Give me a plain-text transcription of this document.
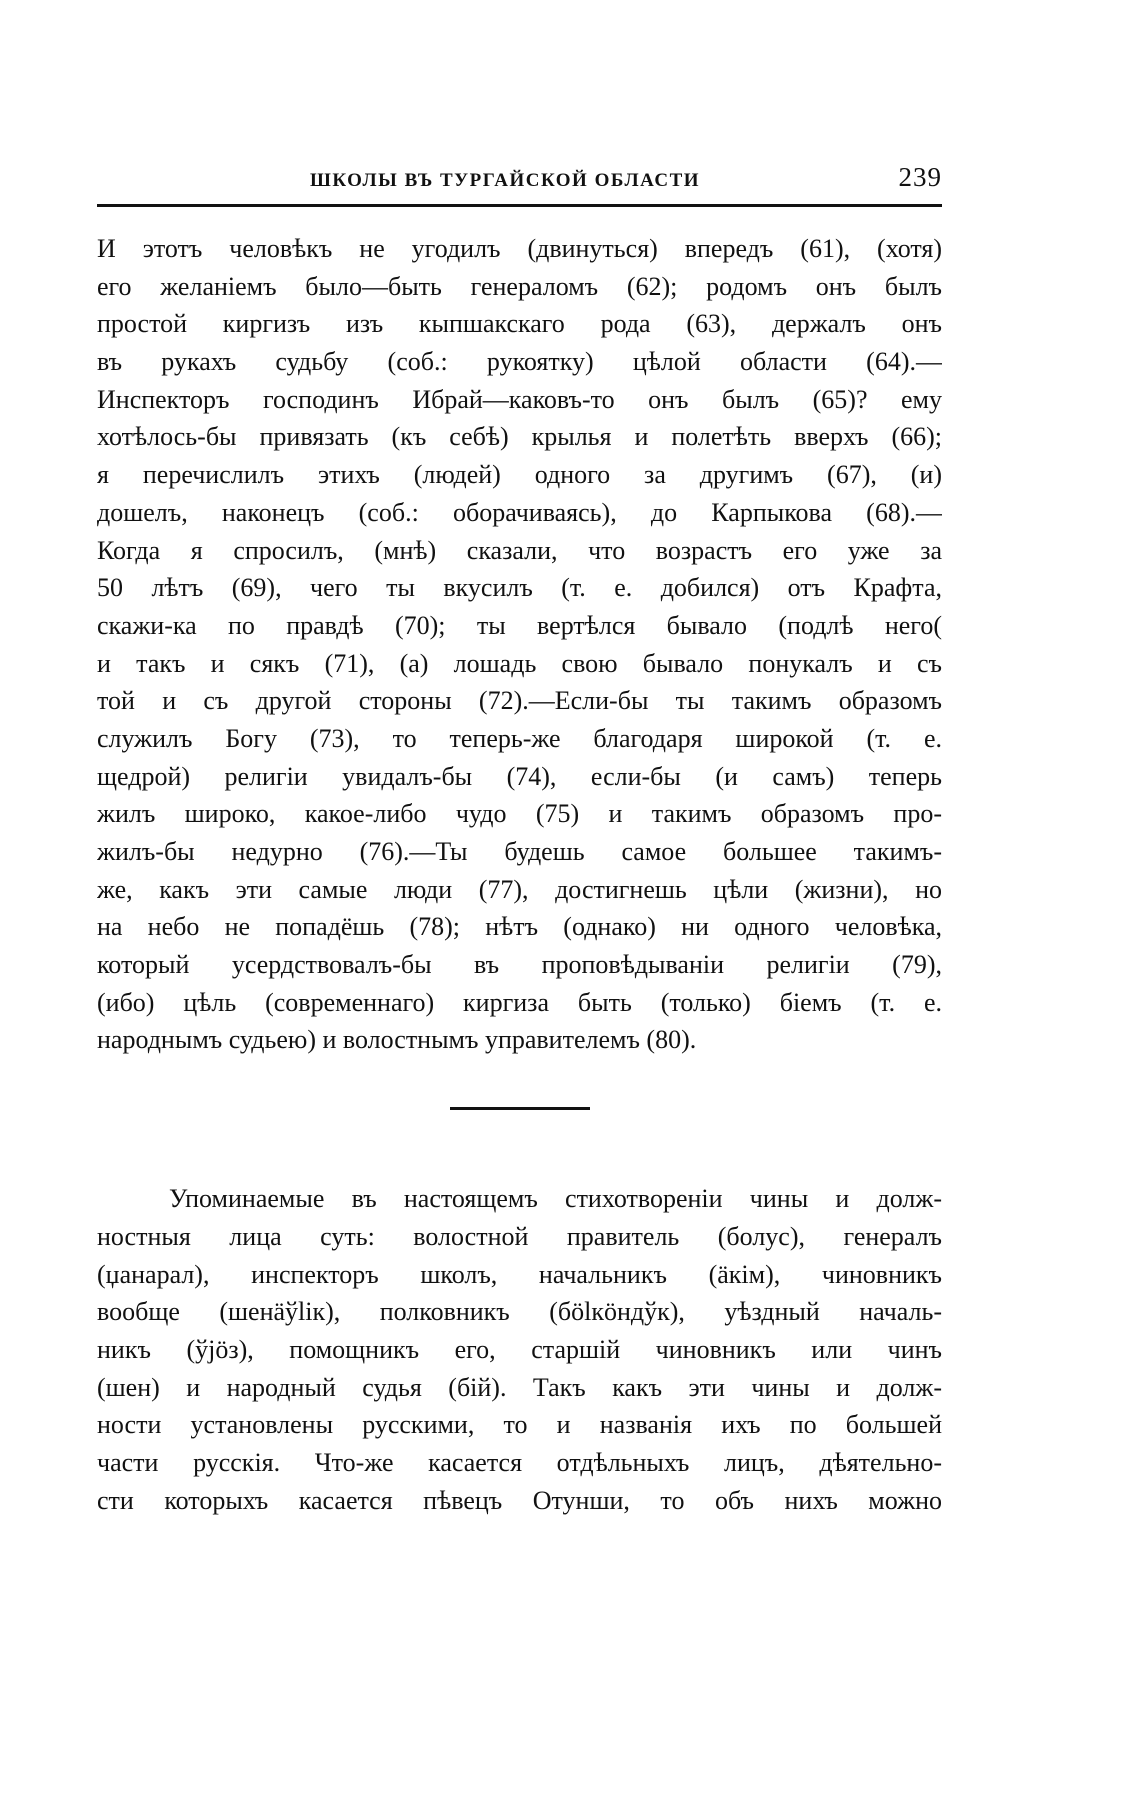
ШКОЛЫ ВЪ ТУРГАЙСКОЙ ОБЛАСТИ	239
И этотъ человѣкъ не угодилъ (двинуться) впередъ (61), (хотя)
его желаніемъ было—быть генераломъ (62); родомъ онъ былъ
простой киргизъ изъ кыпшакскаго рода (63), держалъ онъ
въ рукахъ судьбу (соб.: рукоятку) цѣлой области (64).—
Инспекторъ господинъ Ибрай—каковъ-то онъ былъ (65)? ему
хотѣлось-бы привязать (къ себѣ) крылья и полетѣть вверхъ (66);
я перечислилъ этихъ (людей) одного за другимъ (67), (и)
дошелъ, наконецъ (соб.: оборачиваясь), до Карпыкова (68).—
Когда я спросилъ, (мнѣ) сказали, что возрастъ его уже за
50 лѣтъ (69), чего ты вкусилъ (т. е. добился) отъ Крафта,
скажи-ка по правдѣ (70); ты вертѣлся бывало (подлѣ него(
и такъ и сякъ (71), (а) лошадь свою бывало понукалъ и съ
той и съ другой стороны (72).—Если-бы ты такимъ образомъ
служилъ Богу (73), то теперь-же благодаря широкой (т. е.
щедрой) религіи увидалъ-бы (74), если-бы (и самъ) теперь
жилъ широко, какое-либо чудо (75) и такимъ образомъ про-
жилъ-бы недурно (76).—Ты будешь самое большее такимъ-
же, какъ эти самые люди (77), достигнешь цѣли (жизни), но
на небо не попадёшь (78); нѣтъ (однако) ни одного человѣка,
который усердствовалъ-бы въ проповѣдываніи религіи (79),
(ибо) цѣль (современнаго) киргиза быть (только) біемъ (т. е.
народнымъ судьею) и волостнымъ управителемъ (80).
Упоминаемые въ настоящемъ стихотвореніи чины и долж-
ностныя лица суть: волостной правитель (болус), генералъ
(џанарал), инспекторъ школъ, начальникъ (äкім), чиновникъ
вообще (шенäўlік), полковникъ (бölкöндўк), уѣздный началь-
никъ (ўјöз), помощникъ его, старшій чиновникъ или чинъ
(шен) и народный судья (бій). Такъ какъ эти чины и долж-
ности установлены русскими, то и названія ихъ по большей
части русскія. Что-же касается отдѣльныхъ лицъ, дѣятельно-
сти которыхъ касается пѣвецъ Отунши, то объ нихъ можно
